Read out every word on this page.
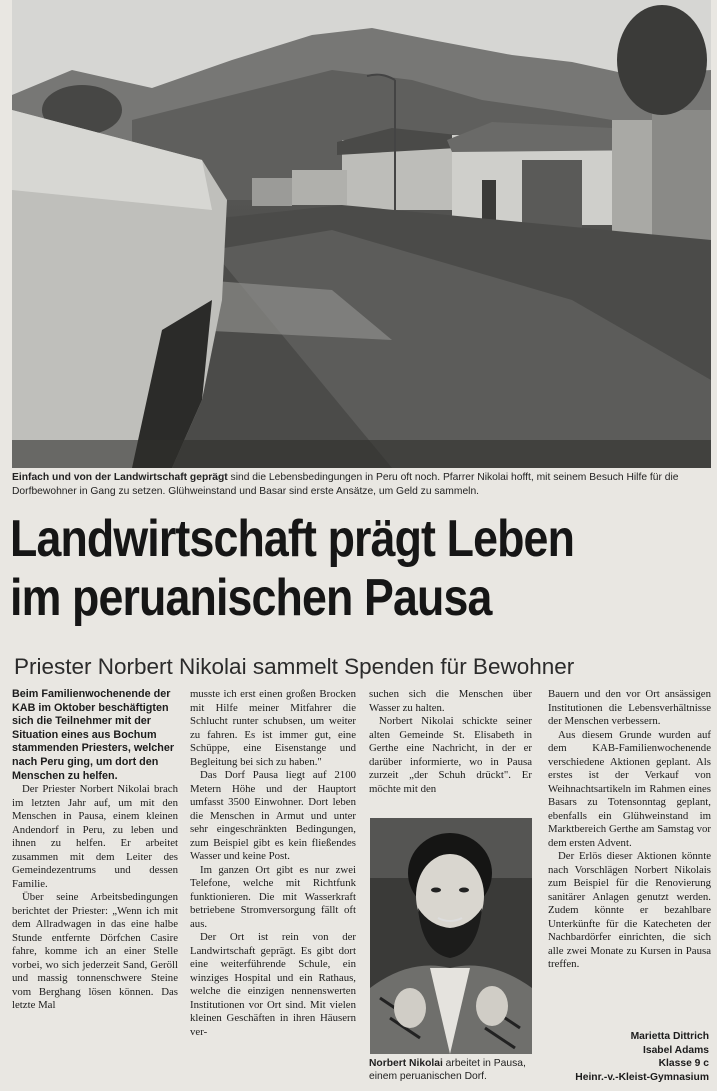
Einfach und von der Landwirtschaft geprägt sind die Lebensbedingungen in Peru oft noch. Pfarrer Nikolai hofft, mit seinem Besuch Hilfe für die Dorfbewohner in Gang zu setzen. Glühweinstand und Basar sind erste Ansätze, um Geld zu sammeln.
Landwirtschaft prägt Leben
im peruanischen Pausa
Priester Norbert Nikolai sammelt Spenden für Bewohner

Beim Familienwochenende der KAB im Oktober beschäftigten sich die Teilnehmer mit der Situation eines aus Bochum stammenden Priesters, welcher nach Peru ging, um dort den Menschen zu helfen.

Der Priester Norbert Nikolai brach im letzten Jahr auf, um mit den Menschen in Pausa, einem kleinen Andendorf in Peru, zu leben und ihnen zu helfen. Er arbeitet zusammen mit dem Leiter des Gemeindezentrums und dessen Familie.

Über seine Arbeitsbedingungen berichtet der Priester: „Wenn ich mit dem Allradwagen in das eine halbe Stunde entfernte Dörfchen Casire fahre, komme ich an einer Stelle vorbei, wo sich jederzeit Sand, Geröll und massig tonnenschwere Steine vom Berghang lösen können. Das letzte Mal

musste ich erst einen großen Brocken mit Hilfe meiner Mitfahrer die Schlucht runter schubsen, um weiter zu fahren. Es ist immer gut, eine Schüppe, eine Eisenstange und Begleitung bei sich zu haben."

Das Dorf Pausa liegt auf 2100 Metern Höhe und der Hauptort umfasst 3500 Einwohner. Dort leben die Menschen in Armut und unter sehr eingeschränkten Bedingungen, zum Beispiel gibt es kein fließendes Wasser und keine Post.

Im ganzen Ort gibt es nur zwei Telefone, welche mit Richtfunk funktionieren. Die mit Wasserkraft betriebene Stromversorgung fällt oft aus.

Der Ort ist rein von der Landwirtschaft geprägt. Es gibt dort eine weiterführende Schule, ein winziges Hospital und ein Rathaus, welche die einzigen nennenswerten Institutionen vor Ort sind. Mit vielen kleinen Geschäften in ihren Häusern ver-

suchen sich die Menschen über Wasser zu halten.

Norbert Nikolai schickte seiner alten Gemeinde St. Elisabeth in Gerthe eine Nachricht, in der er darüber informierte, wo in Pausa zurzeit „der Schuh drückt". Er möchte mit den

Norbert Nikolai arbeitet in Pausa, einem peruanischen Dorf.

Bauern und den vor Ort ansässigen Institutionen die Lebensverhältnisse der Menschen verbessern.

Aus diesem Grunde wurden auf dem KAB-Familienwochenende verschiedene Aktionen geplant. Als erstes ist der Verkauf von Weihnachtsartikeln im Rahmen eines Basars zu Totensonntag geplant, ebenfalls ein Glühweinstand im Marktbereich Gerthe am Samstag vor dem ersten Advent.

Der Erlös dieser Aktionen könnte nach Vorschlägen Norbert Nikolais zum Beispiel für die Renovierung sanitärer Anlagen genutzt werden. Zudem könnte er bezahlbare Unterkünfte für die Katecheten der Nachbardörfer einrichten, die sich alle zwei Monate zu Kursen in Pausa treffen.

Marietta Dittrich
Isabel Adams
Klasse 9 c
Heinr.-v.-Kleist-Gymnasium
